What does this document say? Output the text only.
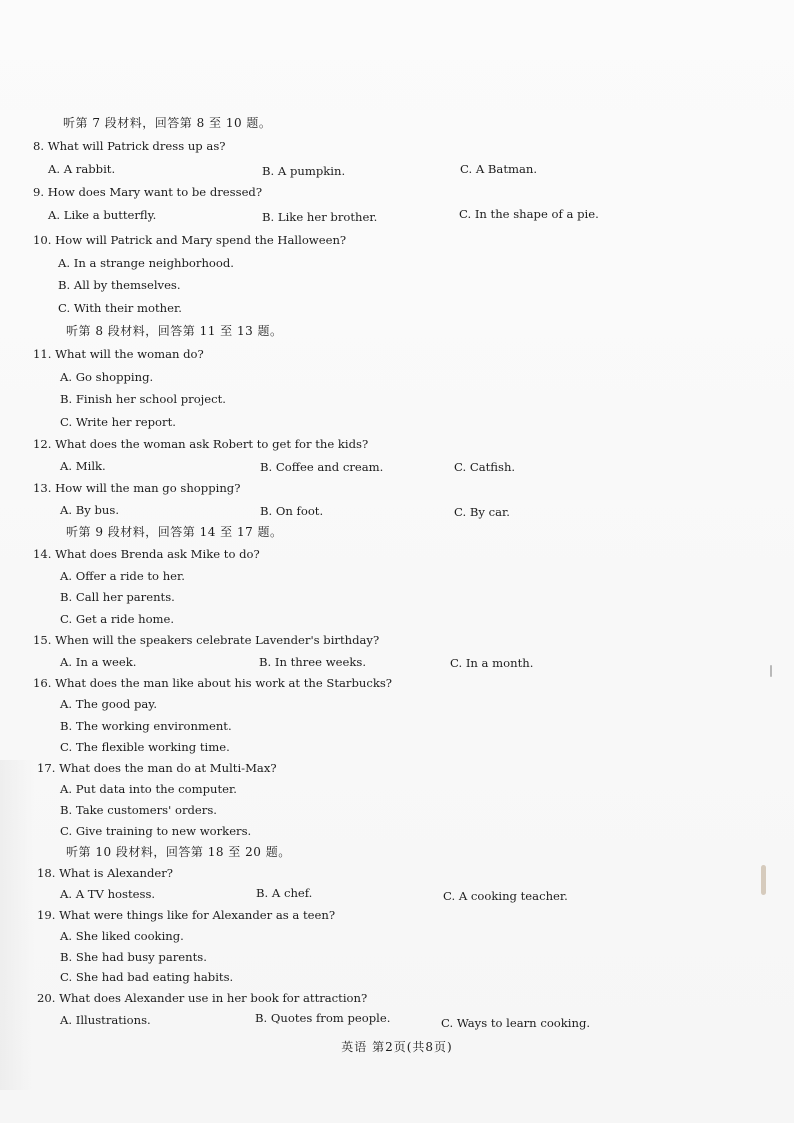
听第 7 段材料，回答第 8 至 10 题。
8. What will Patrick dress up as?
A. A rabbit.	B. A pumpkin.	C. A Batman.
9. How does Mary want to be dressed?
A. Like a butterfly.	B. Like her brother.	C. In the shape of a pie.
10. How will Patrick and Mary spend the Halloween?
A. In a strange neighborhood.
B. All by themselves.
C. With their mother.
听第 8 段材料，回答第 11 至 13 题。
11. What will the woman do?
A. Go shopping.
B. Finish her school project.
C. Write her report.
12. What does the woman ask Robert to get for the kids?
A. Milk.	B. Coffee and cream.	C. Catfish.
13. How will the man go shopping?
A. By bus.	B. On foot.	C. By car.
听第 9 段材料，回答第 14 至 17 题。
14. What does Brenda ask Mike to do?
A. Offer a ride to her.
B. Call her parents.
C. Get a ride home.
15. When will the speakers celebrate Lavender's birthday?
A. In a week.	B. In three weeks.	C. In a month.
16. What does the man like about his work at the Starbucks?
A. The good pay.
B. The working environment.
C. The flexible working time.
17. What does the man do at Multi-Max?
A. Put data into the computer.
B. Take customers' orders.
C. Give training to new workers.
听第 10 段材料，回答第 18 至 20 题。
18. What is Alexander?
A. A TV hostess.	B. A chef.	C. A cooking teacher.
19. What were things like for Alexander as a teen?
A. She liked cooking.
B. She had busy parents.
C. She had bad eating habits.
20. What does Alexander use in her book for attraction?
A. Illustrations.	B. Quotes from people.	C. Ways to learn cooking.
英语 第2页(共8页)
